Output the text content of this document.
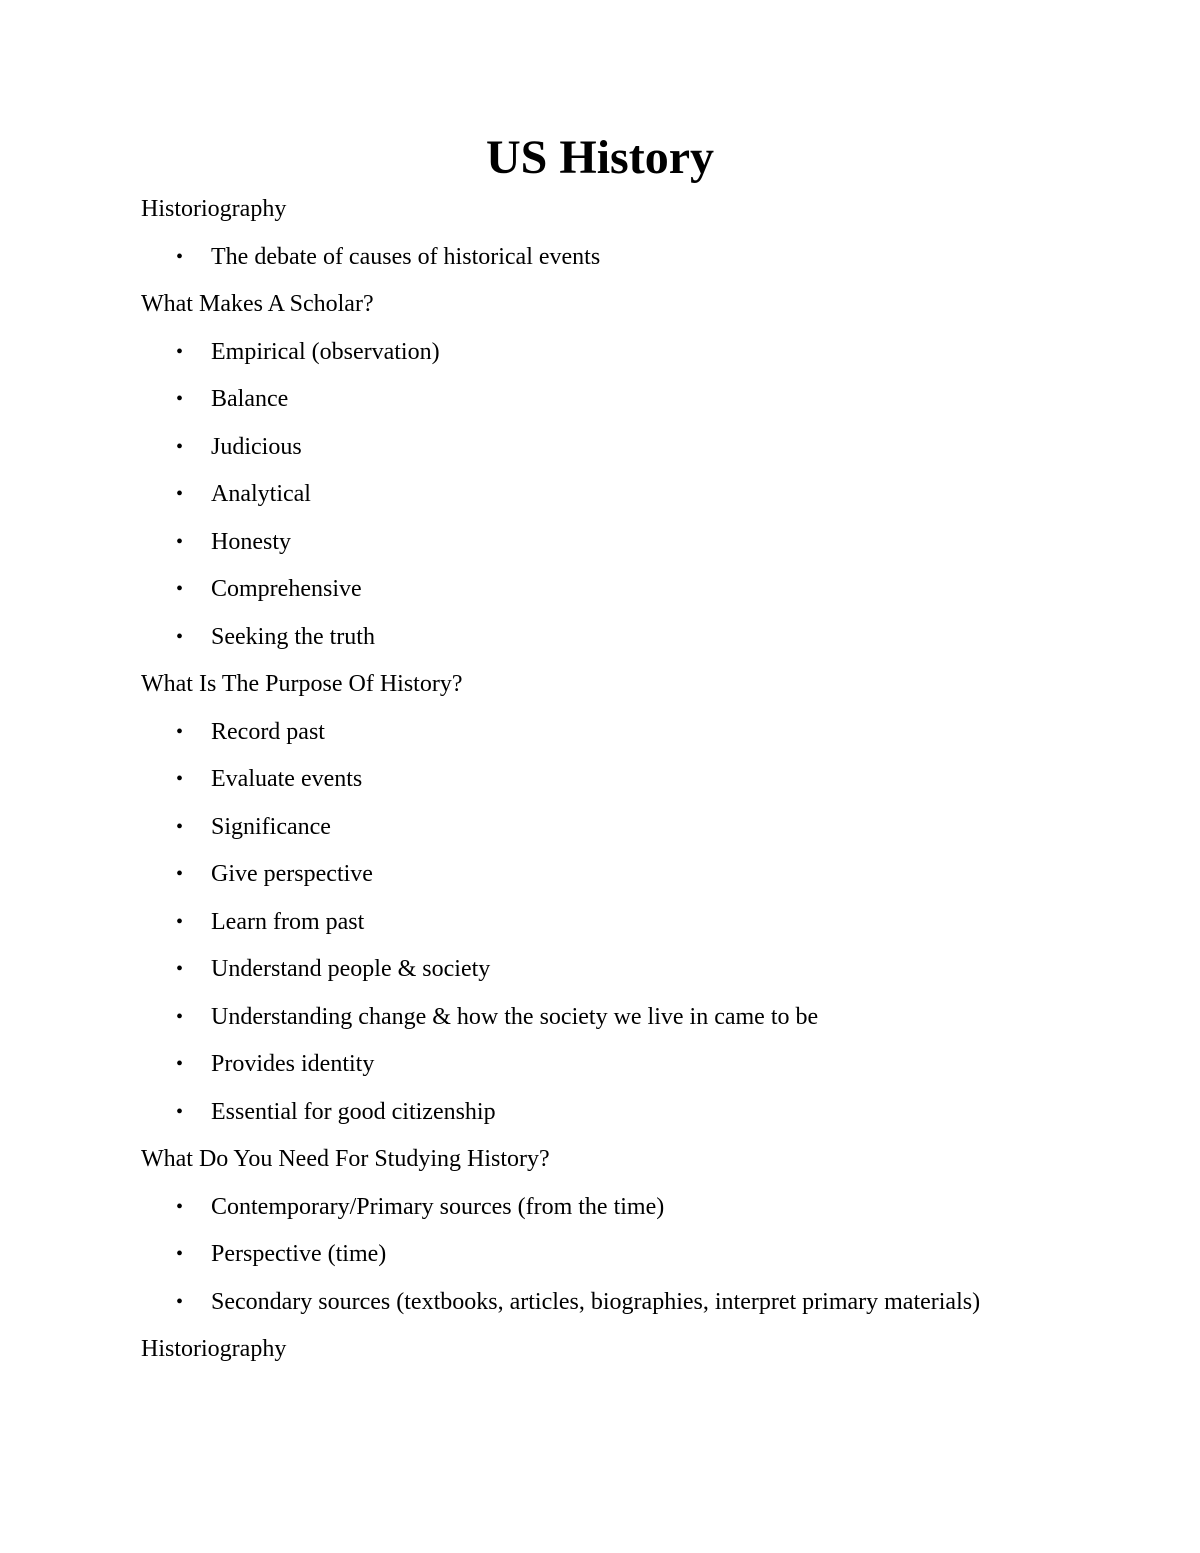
US History
Historiography
• The debate of causes of historical events
What Makes A Scholar?
• Empirical (observation)
• Balance
• Judicious
• Analytical
• Honesty
• Comprehensive
• Seeking the truth
What Is The Purpose Of History?
• Record past
• Evaluate events
• Significance
• Give perspective
• Learn from past
• Understand people & society
• Understanding change & how the society we live in came to be
• Provides identity
• Essential for good citizenship
What Do You Need For Studying History?
• Contemporary/Primary sources (from the time)
• Perspective (time)
• Secondary sources (textbooks, articles, biographies, interpret primary materials)
Historiography
